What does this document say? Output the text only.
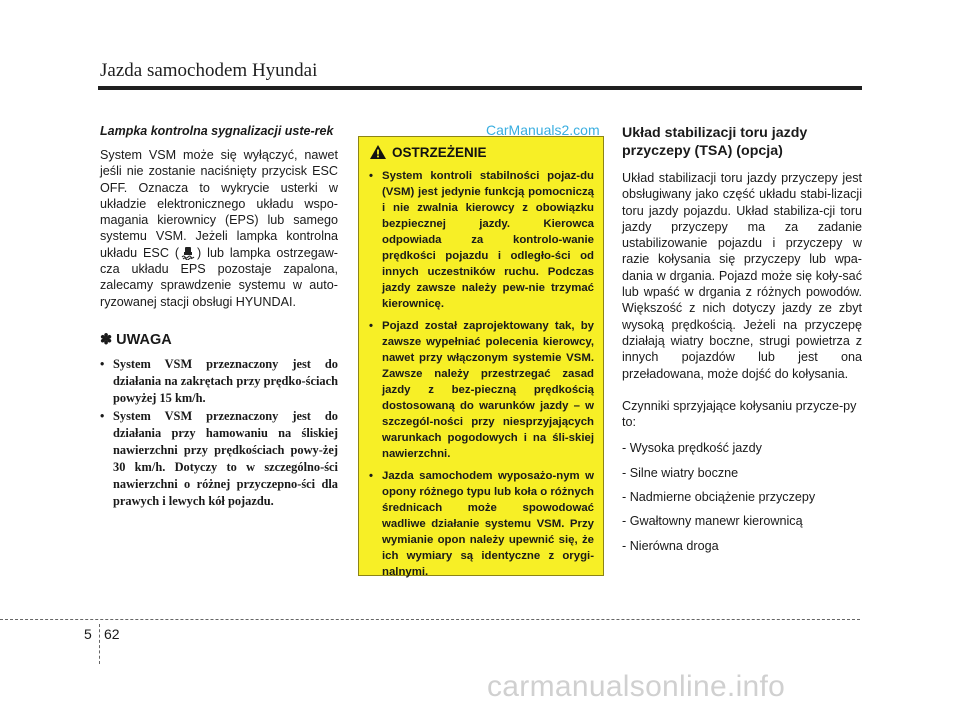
Jazda samochodem Hyundai

Lampka kontrolna sygnalizacji uste-rek

System VSM może się wyłączyć, nawet jeśli nie zostanie naciśnięty przycisk ESC OFF. Oznacza to wykrycie usterki w układzie elektronicznego układu wspo-magania kierownicy (EPS) lub samego systemu VSM. Jeżeli lampka kontrolna układu ESC ( ) lub lampka ostrzegaw-cza układu EPS pozostaje zapalona, zalecamy sprawdzenie systemu w auto-ryzowanej stacji obsługi HYUNDAI.

✽ UWAGA
• System VSM przeznaczony jest do działania na zakrętach przy prędko-ściach powyżej 15 km/h.
• System VSM przeznaczony jest do działania przy hamowaniu na śliskiej nawierzchni przy prędkościach powy-żej 30 km/h. Dotyczy to w szczególno-ści nawierzchni o różnej przyczepno-ści dla prawych i lewych kół pojazdu.
OSTRZEŻENIE
• System kontroli stabilności pojaz-du (VSM) jest jedynie funkcją pomocniczą i nie zwalnia kierowcy z obowiązku bezpiecznej jazdy. Kierowca odpowiada za kontrolo-wanie prędkości pojazdu i odległo-ści od innych uczestników ruchu. Podczas jazdy zawsze należy pew-nie trzymać kierownicę.
• Pojazd został zaprojektowany tak, by zawsze wypełniać polecenia kierowcy, nawet przy włączonym systemie VSM. Zawsze należy przestrzegać zasad jazdy z bez-pieczną prędkością dostosowaną do warunków jazdy – w szczegól-ności przy niesprzyjających warunkach pogodowych i na śli-skiej nawierzchni.
• Jazda samochodem wyposażo-nym w opony różnego typu lub koła o różnych średnicach może spowodować wadliwe działanie systemu VSM. Przy wymianie opon należy upewnić się, że ich wymiary są identyczne z orygi-nalnymi.
CarManuals2.com Układ stabilizacji toru jazdy przyczepy (TSA) (opcja)

Układ stabilizacji toru jazdy przyczepy jest obsługiwany jako część układu stabi-lizacji toru jazdy pojazdu. Układ stabiliza-cji toru jazdy przyczepy ma za zadanie ustabilizowanie pojazdu i przyczepy w razie kołysania się przyczepy lub wpa-dania w drgania. Pojazd może się koły-sać lub wpaść w drgania z różnych powodów. Większość z nich dotyczy jazdy ze zbyt wysoką prędkością. Jeżeli na przyczepę działają wiatry boczne, strugi powietrza z innych pojazdów lub jest ona przeładowana, może dojść do kołysania.

Czynniki sprzyjające kołysaniu przycze-py to:

- Wysoka prędkość jazdy
- Silne wiatry boczne
- Nadmierne obciążenie przyczepy
- Gwałtowny manewr kierownicą
- Nierówna droga
5 62
carmanualsonline.info
